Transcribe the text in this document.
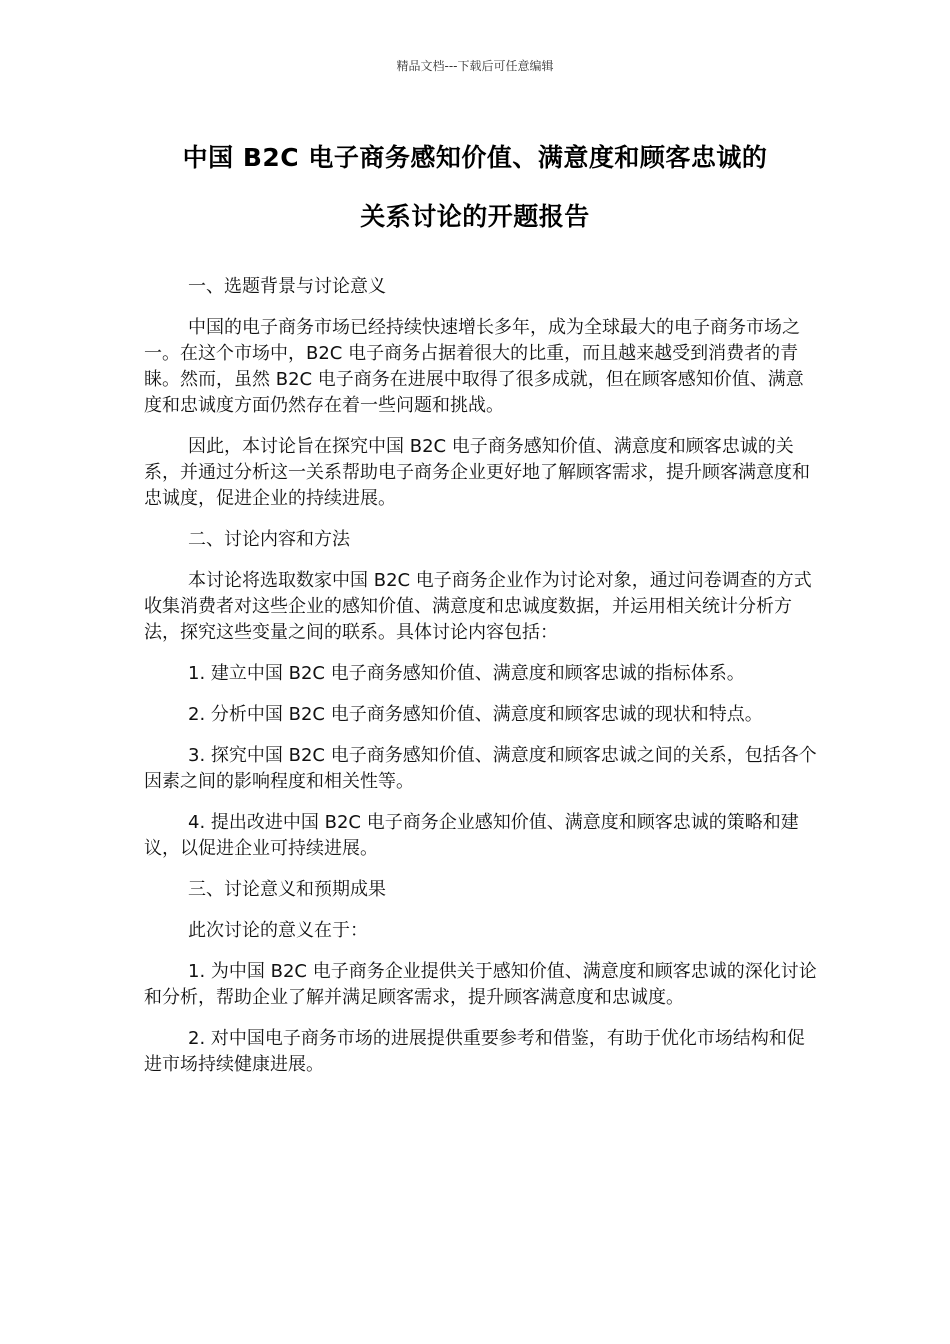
精品文档---下载后可任意编辑
中国 B2C 电子商务感知价值、满意度和顾客忠诚的
关系讨论的开题报告

一、选题背景与讨论意义

中国的电子商务市场已经持续快速增长多年，成为全球最大的电子商务市场之一。在这个市场中，B2C 电子商务占据着很大的比重，而且越来越受到消费者的青睐。然而，虽然 B2C 电子商务在进展中取得了很多成就，但在顾客感知价值、满意度和忠诚度方面仍然存在着一些问题和挑战。

因此，本讨论旨在探究中国 B2C 电子商务感知价值、满意度和顾客忠诚的关系，并通过分析这一关系帮助电子商务企业更好地了解顾客需求，提升顾客满意度和忠诚度，促进企业的持续进展。

二、讨论内容和方法

本讨论将选取数家中国 B2C 电子商务企业作为讨论对象，通过问卷调查的方式收集消费者对这些企业的感知价值、满意度和忠诚度数据，并运用相关统计分析方法，探究这些变量之间的联系。具体讨论内容包括：

1. 建立中国 B2C 电子商务感知价值、满意度和顾客忠诚的指标体系。

2. 分析中国 B2C 电子商务感知价值、满意度和顾客忠诚的现状和特点。

3. 探究中国 B2C 电子商务感知价值、满意度和顾客忠诚之间的关系，包括各个因素之间的影响程度和相关性等。

4. 提出改进中国 B2C 电子商务企业感知价值、满意度和顾客忠诚的策略和建议，以促进企业可持续进展。

三、讨论意义和预期成果

此次讨论的意义在于：

1. 为中国 B2C 电子商务企业提供关于感知价值、满意度和顾客忠诚的深化讨论和分析，帮助企业了解并满足顾客需求，提升顾客满意度和忠诚度。

2. 对中国电子商务市场的进展提供重要参考和借鉴，有助于优化市场结构和促进市场持续健康进展。
